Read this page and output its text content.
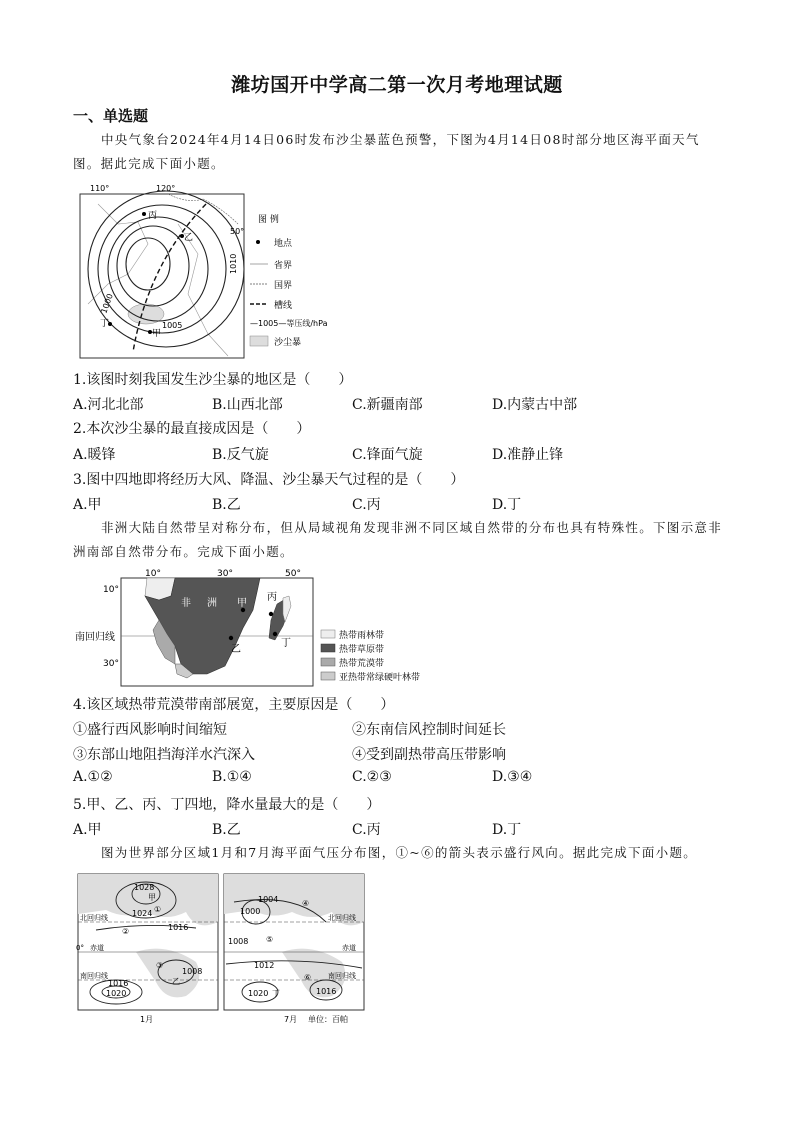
潍坊国开中学高二第一次月考地理试题
一、单选题
中央气象台2024年4月14日06时发布沙尘暴蓝色预警，下图为4月14日08时部分地区海平面天气图。据此完成下面小题。
110°	120°
50°
1010
1000
1005
丙
乙
丁
甲
图 例
地点
省界
国界
槽线
—1005—等压线/hPa
沙尘暴
1.该图时刻我国发生沙尘暴的地区是（　　）
A.河北北部	B.山西北部	C.新疆南部	D.内蒙古中部
2.本次沙尘暴的最直接成因是（　　）
A.暖锋	B.反气旋	C.锋面气旋	D.准静止锋
3.图中四地即将经历大风、降温、沙尘暴天气过程的是（　　）
A.甲	B.乙	C.丙	D.丁
非洲大陆自然带呈对称分布，但从局域视角发现非洲不同区域自然带的分布也具有特殊性。下图示意非洲南部自然带分布。完成下面小题。
10°	30°	50°
10°
30°
南回归线
非 洲 甲
丙
乙
丁
热带雨林带
热带草原带
热带荒漠带
亚热带常绿硬叶林带
4.该区域热带荒漠带南部展宽，主要原因是（　　）
①盛行西风影响时间缩短	②东南信风控制时间延长
③东部山地阻挡海洋水汽深入	④受到副热带高压带影响
A.①②	B.①④	C.②③	D.③④
5.甲、乙、丙、丁四地，降水量最大的是（　　）
A.甲	B.乙	C.丙	D.丁
图为世界部分区域1月和7月海平面气压分布图，①~⑥的箭头表示盛行风向。据此完成下面小题。
1028
甲
1024 ①
北回归线
1016
②
0° 赤道
南回归线
③
1008
乙
1016
1020
1月
1004
1000
④
北回归线
⑤
1008
赤道
1012
⑥ 南回归线
1020 丁	1016
7月 单位：百帕
